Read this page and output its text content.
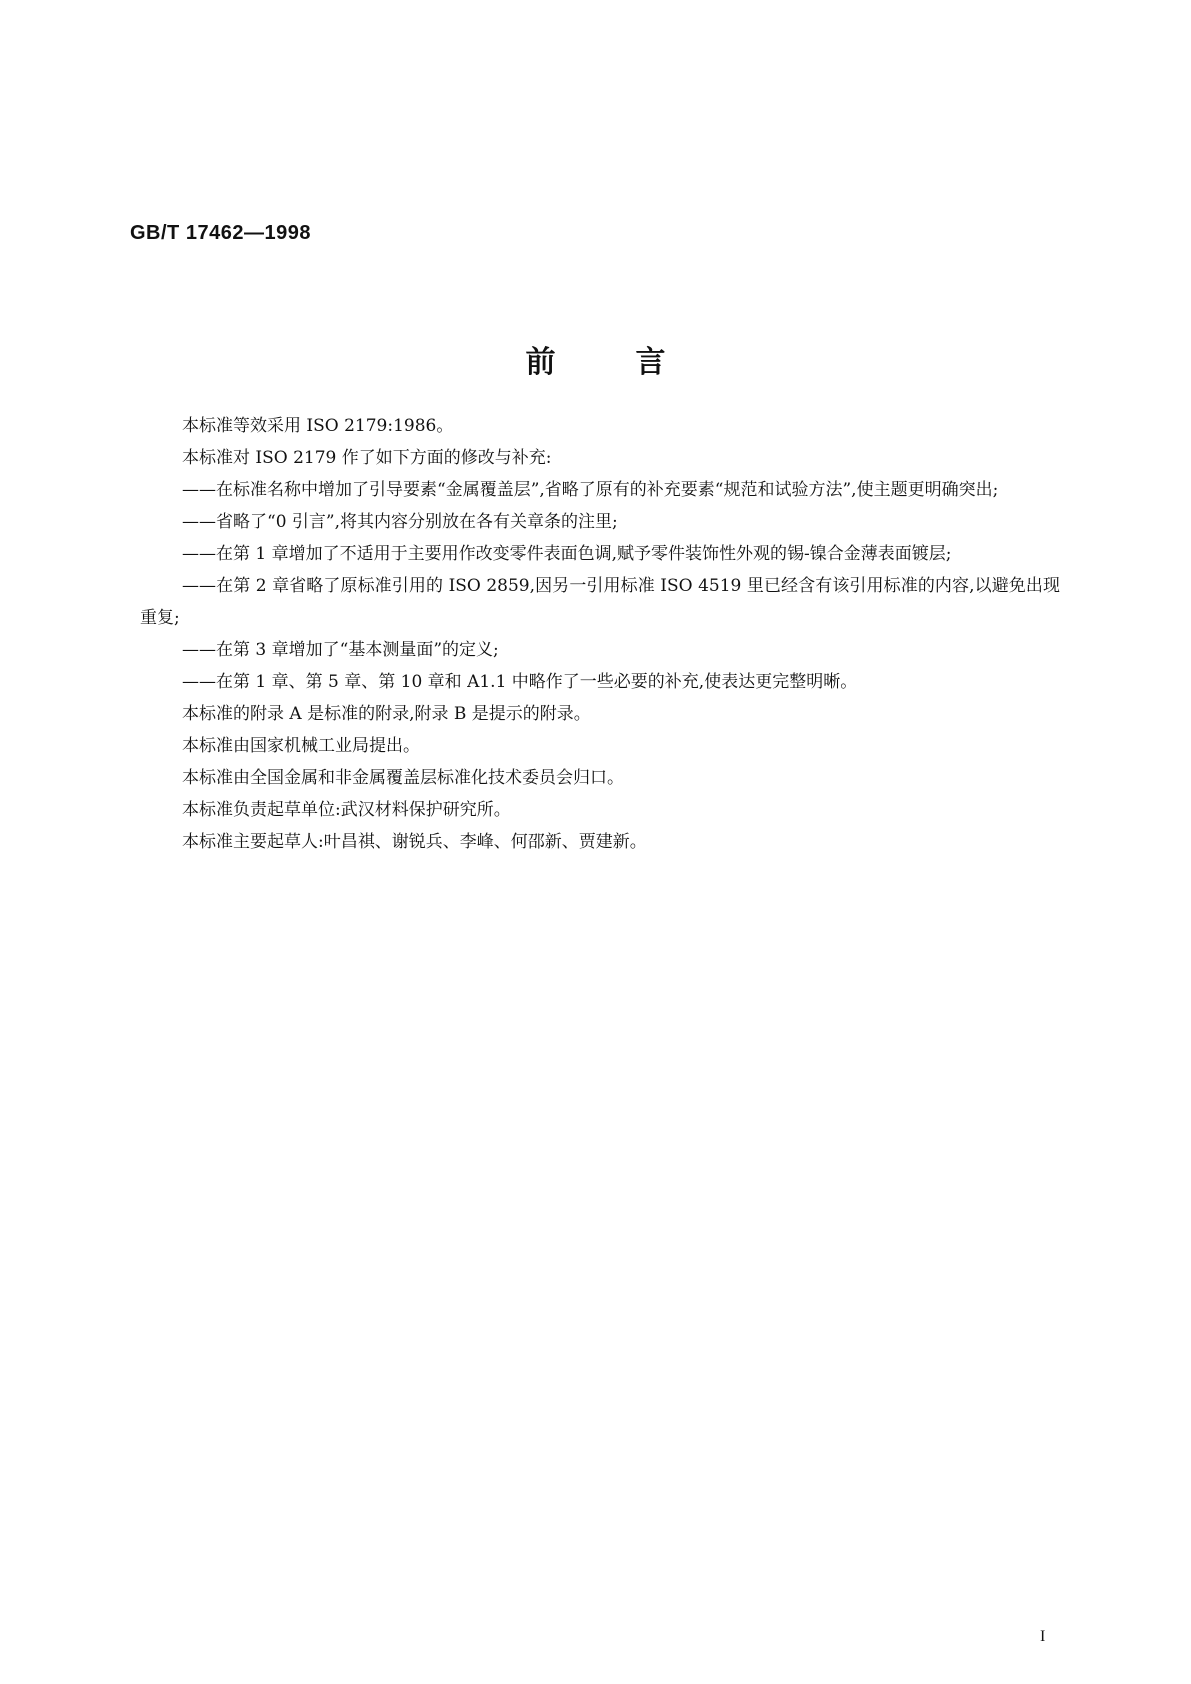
GB/T 17462—1998
前言

本标准等效采用 ISO 2179:1986。

本标准对 ISO 2179 作了如下方面的修改与补充:

——在标准名称中增加了引导要素“金属覆盖层”,省略了原有的补充要素“规范和试验方法”,使主题更明确突出;

——省略了“0 引言”,将其内容分别放在各有关章条的注里;

——在第 1 章增加了不适用于主要用作改变零件表面色调,赋予零件装饰性外观的锡-镍合金薄表面镀层;

——在第 2 章省略了原标准引用的 ISO 2859,因另一引用标准 ISO 4519 里已经含有该引用标准的内容,以避免出现重复;

——在第 3 章增加了“基本测量面”的定义;

——在第 1 章、第 5 章、第 10 章和 A1.1 中略作了一些必要的补充,使表达更完整明晰。

本标准的附录 A 是标准的附录,附录 B 是提示的附录。

本标准由国家机械工业局提出。

本标准由全国金属和非金属覆盖层标准化技术委员会归口。

本标准负责起草单位:武汉材料保护研究所。

本标准主要起草人:叶昌祺、谢锐兵、李峰、何邵新、贾建新。

I
